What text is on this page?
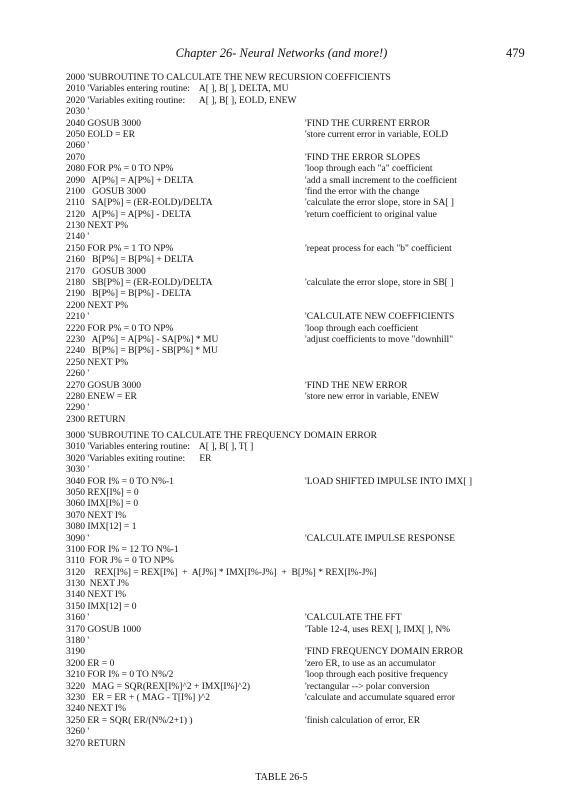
Chapter 26- Neural Networks (and more!)	479
2000 'SUBROUTINE TO CALCULATE THE NEW RECURSION COEFFICIENTS
2010 'Variables entering routine:    A[ ], B[ ], DELTA, MU
2020 'Variables exiting routine:      A[ ], B[ ], EOLD, ENEW
2030 '
2040 GOSUB 3000	'FIND THE CURRENT ERROR
2050 EOLD = ER	'store current error in variable, EOLD
2060 '
2070	'FIND THE ERROR SLOPES
2080 FOR P% = 0 TO NP%	'loop through each "a" coefficient
2090   A[P%] = A[P%] + DELTA	'add a small increment to the coefficient
2100   GOSUB 3000	'find the error with the change
2110   SA[P%] = (ER-EOLD)/DELTA	'calculate the error slope, store in SA[ ]
2120   A[P%] = A[P%] - DELTA	'return coefficient to original value
2130 NEXT P%
2140 '
2150 FOR P% = 1 TO NP%	'repeat process for each "b" coefficient
2160   B[P%] = B[P%] + DELTA
2170   GOSUB 3000
2180   SB[P%] = (ER-EOLD)/DELTA	'calculate the error slope, store in SB[ ]
2190   B[P%] = B[P%] - DELTA
2200 NEXT P%
2210 '	'CALCULATE NEW COEFFICIENTS
2220 FOR P% = 0 TO NP%	'loop through each coefficient
2230   A[P%] = A[P%] - SA[P%] * MU	'adjust coefficients to move "downhill"
2240   B[P%] = B[P%] - SB[P%] * MU
2250 NEXT P%
2260 '
2270 GOSUB 3000	'FIND THE NEW ERROR
2280 ENEW = ER	'store new error in variable, ENEW
2290 '
2300 RETURN
3000 'SUBROUTINE TO CALCULATE THE FREQUENCY DOMAIN ERROR
3010 'Variables entering routine:    A[ ], B[ ], T[ ]
3020 'Variables exiting routine:      ER
3030 '
3040 FOR I% = 0 TO N%-1	'LOAD SHIFTED IMPULSE INTO IMX[ ]
3050 REX[I%] = 0
3060 IMX[I%] = 0
3070 NEXT I%
3080 IMX[12] = 1
3090 '	'CALCULATE IMPULSE RESPONSE
3100 FOR I% = 12 TO N%-1
3110  FOR J% = 0 TO NP%
3120    REX[I%] = REX[I%]  +  A[J%] * IMX[I%-J%]  +  B[J%] * REX[I%-J%]
3130  NEXT J%
3140 NEXT I%
3150 IMX[12] = 0
3160 '	'CALCULATE THE FFT
3170 GOSUB 1000	'Table 12-4, uses REX[ ], IMX[ ], N%
3180 '
3190	'FIND FREQUENCY DOMAIN ERROR
3200 ER = 0	'zero ER, to use as an accumulator
3210 FOR I% = 0 TO N%/2	'loop through each positive frequency
3220   MAG = SQR(REX[I%]^2 + IMX[I%]^2)	'rectangular --> polar conversion
3230   ER = ER + ( MAG - T[I%] )^2	'calculate and accumulate squared error
3240 NEXT I%
3250 ER = SQR( ER/(N%/2+1) )	'finish calculation of error, ER
3260 '
3270 RETURN
TABLE 26-5
